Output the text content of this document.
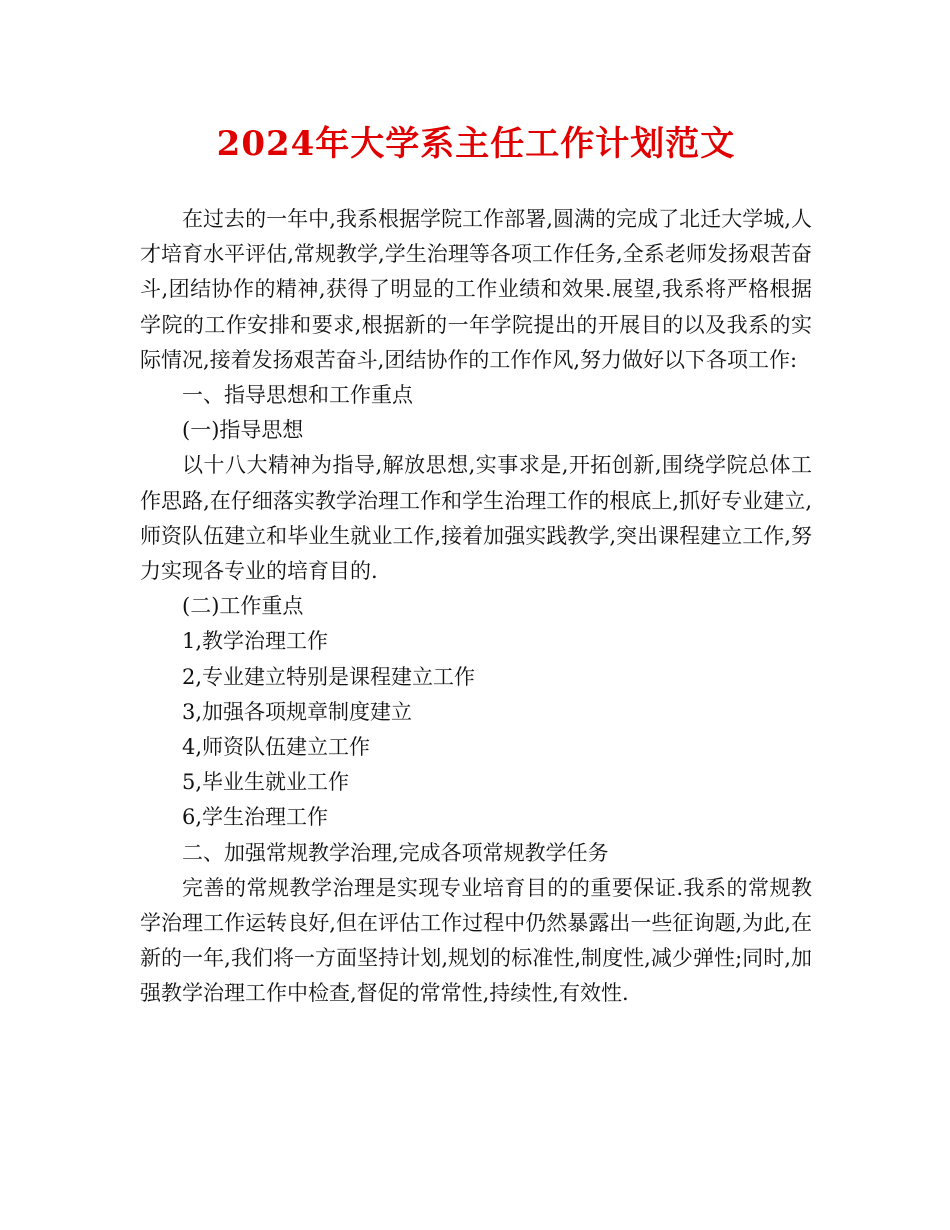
2024年大学系主任工作计划范文

在过去的一年中,我系根据学院工作部署,圆满的完成了北迁大学城,人才培育水平评估,常规教学,学生治理等各项工作任务,全系老师发扬艰苦奋斗,团结协作的精神,获得了明显的工作业绩和效果.展望,我系将严格根据学院的工作安排和要求,根据新的一年学院提出的开展目的以及我系的实际情况,接着发扬艰苦奋斗,团结协作的工作作风,努力做好以下各项工作:

一、指导思想和工作重点

(一)指导思想

以十八大精神为指导,解放思想,实事求是,开拓创新,围绕学院总体工作思路,在仔细落实教学治理工作和学生治理工作的根底上,抓好专业建立,师资队伍建立和毕业生就业工作,接着加强实践教学,突出课程建立工作,努力实现各专业的培育目的.

(二)工作重点

1,教学治理工作

2,专业建立特别是课程建立工作

3,加强各项规章制度建立

4,师资队伍建立工作

5,毕业生就业工作

6,学生治理工作

二、加强常规教学治理,完成各项常规教学任务

完善的常规教学治理是实现专业培育目的的重要保证.我系的常规教学治理工作运转良好,但在评估工作过程中仍然暴露出一些征询题,为此,在新的一年,我们将一方面坚持计划,规划的标准性,制度性,减少弹性;同时,加强教学治理工作中检查,督促的常常性,持续性,有效性.
